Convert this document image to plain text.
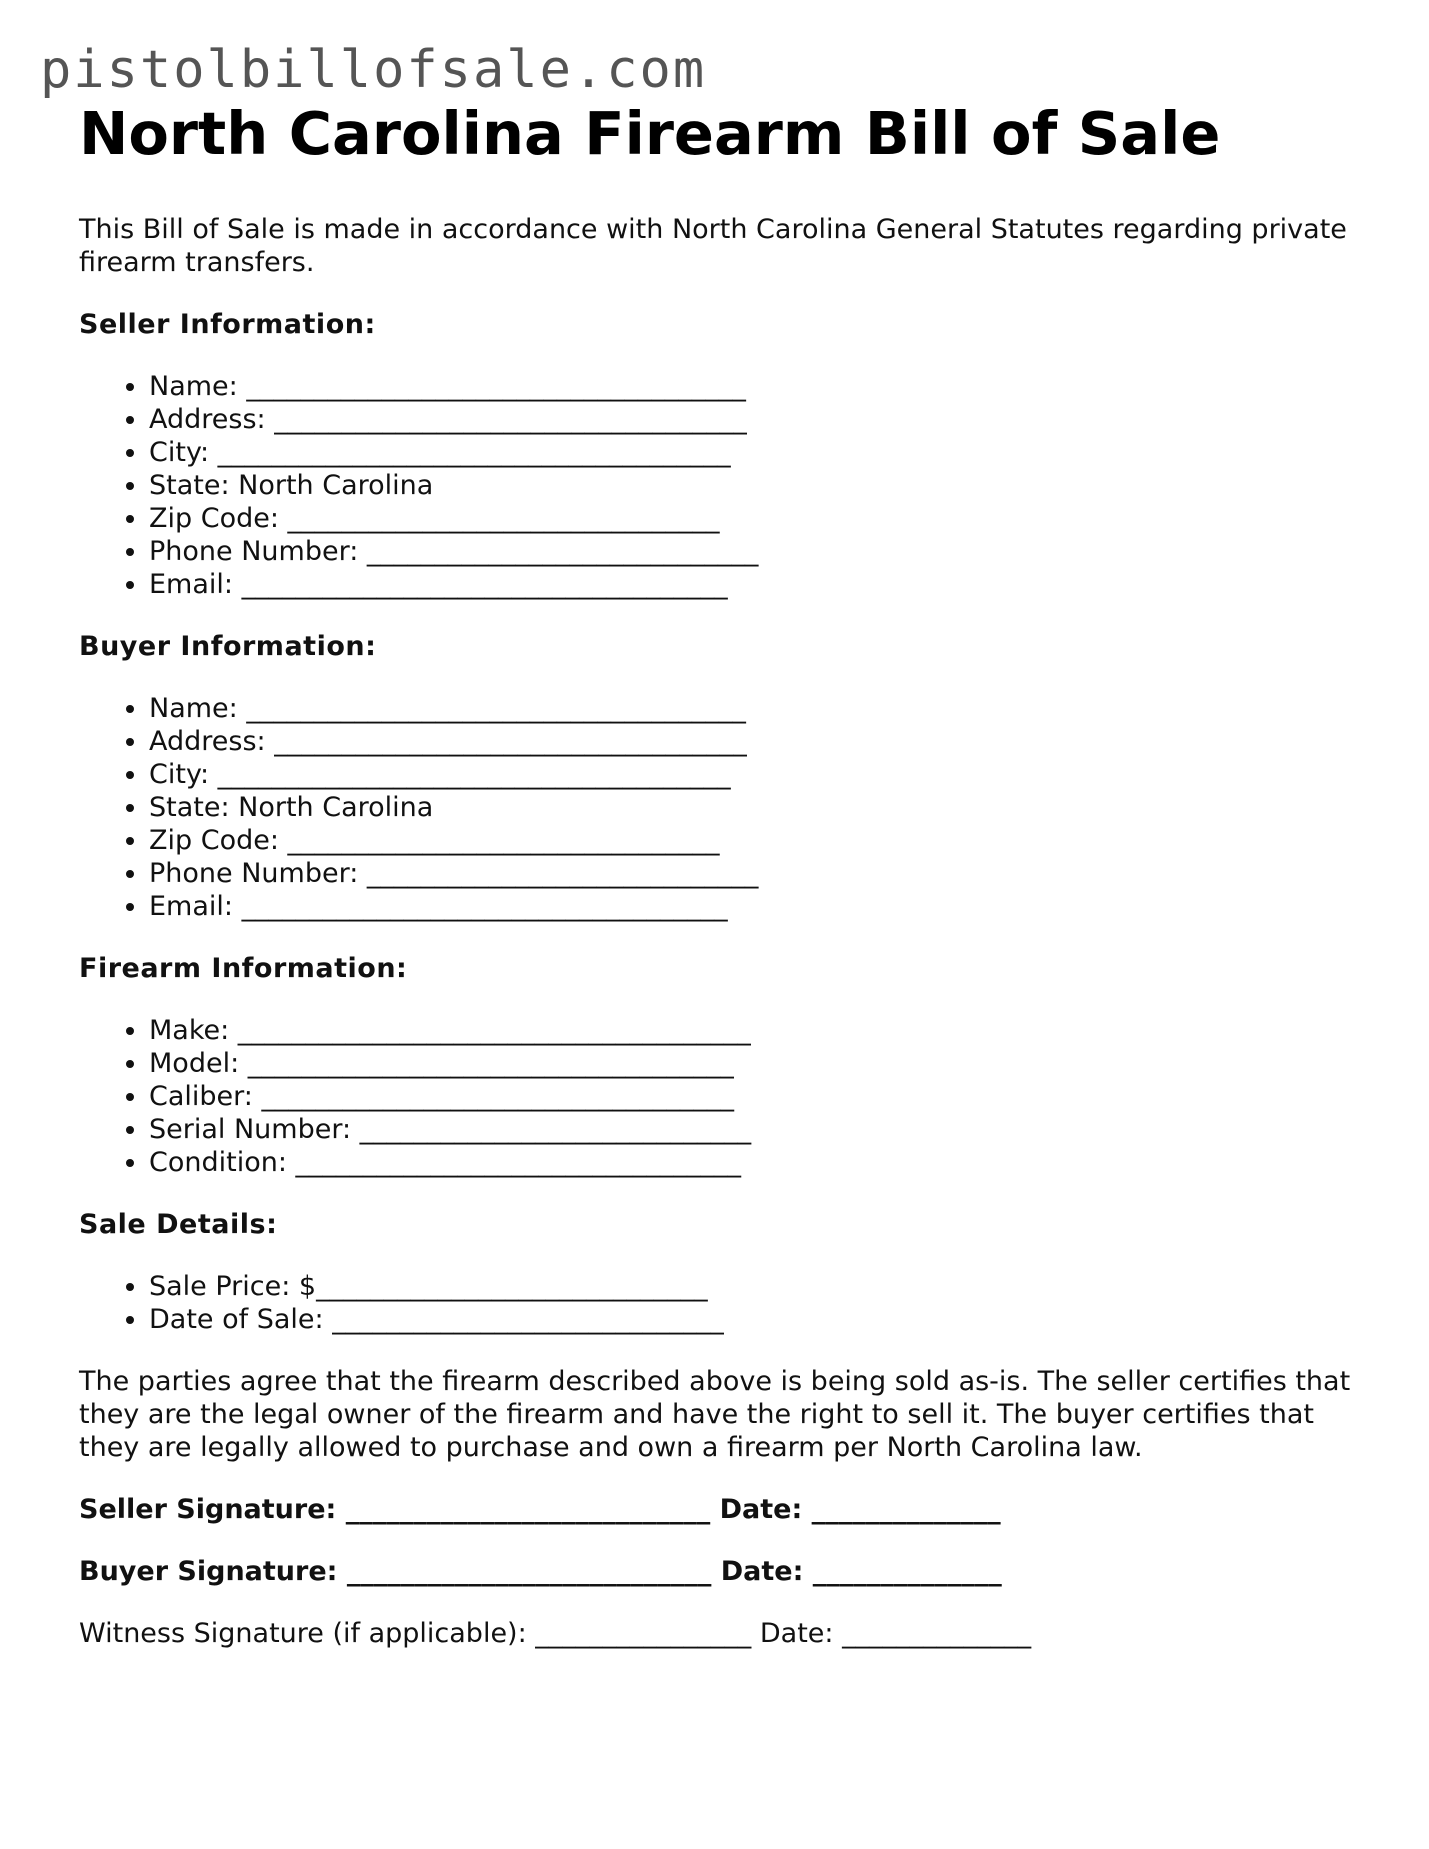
pistolbillofsale.com
North Carolina Firearm Bill of Sale

This Bill of Sale is made in accordance with North Carolina General Statutes regarding private firearm transfers.

Seller Information:
• Name: _____________________________________
• Address: ___________________________________
• City: ______________________________________
• State: North Carolina
• Zip Code: ________________________________
• Phone Number: _____________________________
• Email: ____________________________________
Buyer Information:
• Name: _____________________________________
• Address: ___________________________________
• City: ______________________________________
• State: North Carolina
• Zip Code: ________________________________
• Phone Number: _____________________________
• Email: ____________________________________
Firearm Information:
• Make: ______________________________________
• Model: ____________________________________
• Caliber: ___________________________________
• Serial Number: _____________________________
• Condition: _________________________________
Sale Details:
• Sale Price: $_____________________________
• Date of Sale: _____________________________

The parties agree that the firearm described above is being sold as-is. The seller certifies that they are the legal owner of the firearm and have the right to sell it. The buyer certifies that they are legally allowed to purchase and own a firearm per North Carolina law.

Seller Signature: ___________________________ Date: ______________
Buyer Signature: ___________________________ Date: ______________
Witness Signature (if applicable): ________________ Date: ______________
